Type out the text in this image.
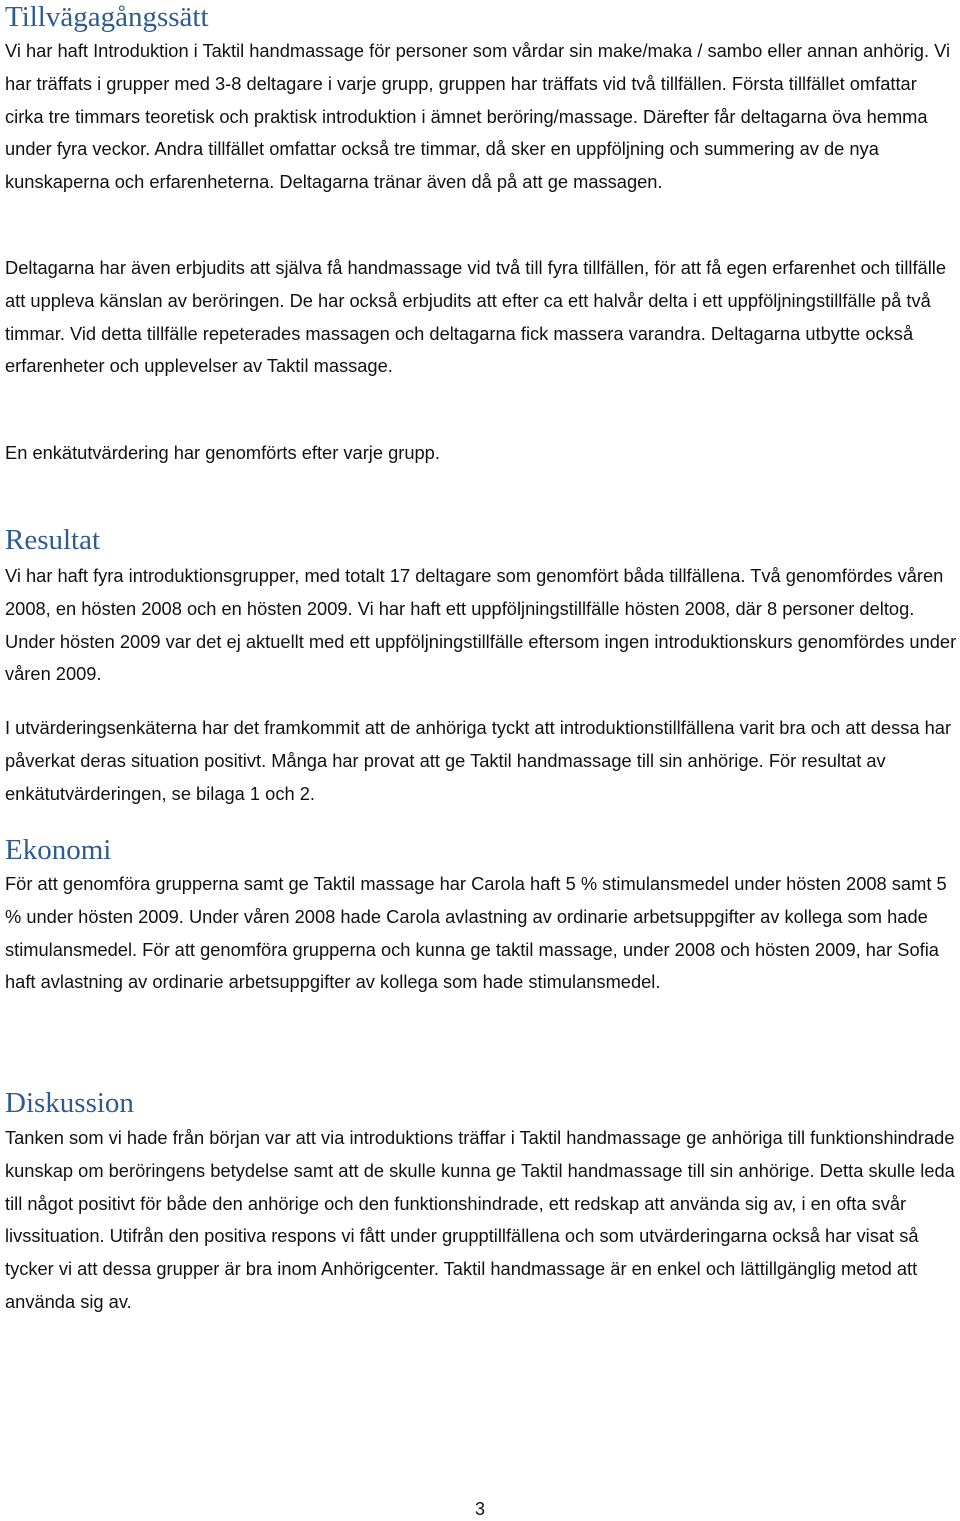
Tillvägagångssätt

Vi har haft Introduktion i Taktil handmassage för personer som vårdar sin make/maka / sambo eller annan anhörig. Vi har träffats i grupper med 3-8 deltagare i varje grupp, gruppen har träffats vid två tillfällen. Första tillfället omfattar cirka tre timmars teoretisk och praktisk introduktion i ämnet beröring/massage. Därefter får deltagarna öva hemma under fyra veckor. Andra tillfället omfattar också tre timmar, då sker en uppföljning och summering av de nya kunskaperna och erfarenheterna. Deltagarna tränar även då på att ge massagen.

Deltagarna har även erbjudits att själva få handmassage vid två till fyra tillfällen, för att få egen erfarenhet och tillfälle att uppleva känslan av beröringen. De har också erbjudits att efter ca ett halvår delta i ett uppföljningstillfälle på två timmar. Vid detta tillfälle repeterades massagen och deltagarna fick massera varandra. Deltagarna utbytte också erfarenheter och upplevelser av Taktil massage.

En enkätutvärdering har genomförts efter varje grupp.

Resultat

Vi har haft fyra introduktionsgrupper, med totalt 17 deltagare som genomfört båda tillfällena. Två genomfördes våren 2008, en hösten 2008 och en hösten 2009. Vi har haft ett uppföljningstillfälle hösten 2008, där 8 personer deltog. Under hösten 2009 var det ej aktuellt med ett uppföljningstillfälle eftersom ingen introduktionskurs genomfördes under våren 2009.

I utvärderingsenkäterna har det framkommit att de anhöriga tyckt att introduktionstillfällena varit bra och att dessa har påverkat deras situation positivt. Många har provat att ge Taktil handmassage till sin anhörige. För resultat av enkätutvärderingen, se bilaga 1 och 2.

Ekonomi

För att genomföra grupperna samt ge Taktil massage har Carola haft 5 % stimulansmedel under hösten 2008 samt 5 % under hösten 2009. Under våren 2008 hade Carola avlastning av ordinarie arbetsuppgifter av kollega som hade stimulansmedel. För att genomföra grupperna och kunna ge taktil massage, under 2008 och hösten 2009, har Sofia haft avlastning av ordinarie arbetsuppgifter av kollega som hade stimulansmedel.

Diskussion

Tanken som vi hade från början var att via introduktions träffar i Taktil handmassage ge anhöriga till funktionshindrade kunskap om beröringens betydelse samt att de skulle kunna ge Taktil handmassage till sin anhörige. Detta skulle leda till något positivt för både den anhörige och den funktionshindrade, ett redskap att använda sig av, i en ofta svår livssituation. Utifrån den positiva respons vi fått under grupptillfällena och som utvärderingarna också har visat så tycker vi att dessa grupper är bra inom Anhörigcenter. Taktil handmassage är en enkel och lättillgänglig metod att använda sig av.

3
